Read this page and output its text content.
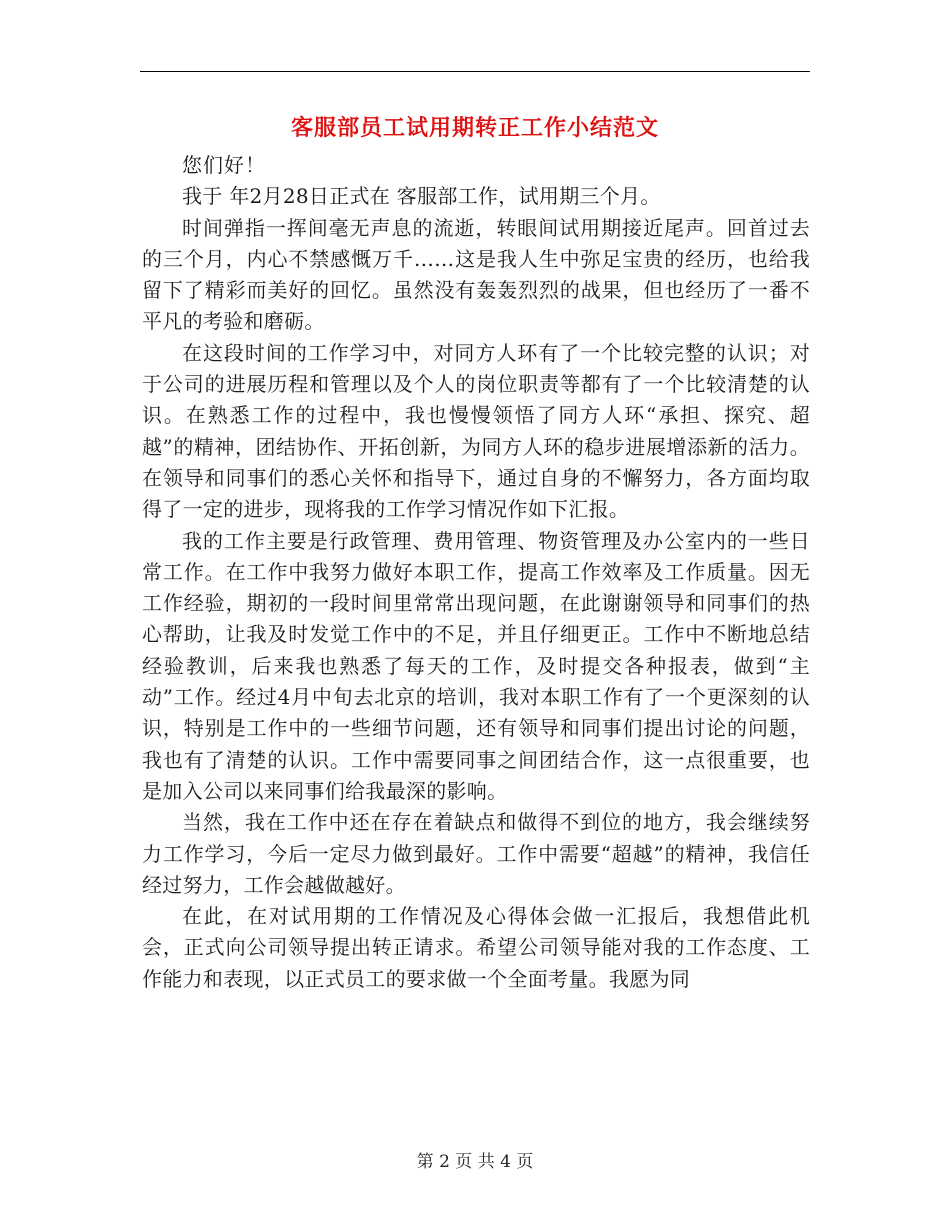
客服部员工试用期转正工作小结范文

您们好！

我于 年2月28日正式在 客服部工作，试用期三个月。

时间弹指一挥间毫无声息的流逝，转眼间试用期接近尾声。回首过去的三个月，内心不禁感慨万千……这是我人生中弥足宝贵的经历，也给我留下了精彩而美好的回忆。虽然没有轰轰烈烈的战果，但也经历了一番不平凡的考验和磨砺。

在这段时间的工作学习中，对同方人环有了一个比较完整的认识；对于公司的进展历程和管理以及个人的岗位职责等都有了一个比较清楚的认识。在熟悉工作的过程中，我也慢慢领悟了同方人环“承担、探究、超越”的精神，团结协作、开拓创新，为同方人环的稳步进展增添新的活力。在领导和同事们的悉心关怀和指导下，通过自身的不懈努力，各方面均取得了一定的进步，现将我的工作学习情况作如下汇报。

我的工作主要是行政管理、费用管理、物资管理及办公室内的一些日常工作。在工作中我努力做好本职工作，提高工作效率及工作质量。因无工作经验，期初的一段时间里常常出现问题，在此谢谢领导和同事们的热心帮助，让我及时发觉工作中的不足，并且仔细更正。工作中不断地总结经验教训，后来我也熟悉了每天的工作，及时提交各种报表，做到“主动”工作。经过4月中旬去北京的培训，我对本职工作有了一个更深刻的认识，特别是工作中的一些细节问题，还有领导和同事们提出讨论的问题，我也有了清楚的认识。工作中需要同事之间团结合作，这一点很重要，也是加入公司以来同事们给我最深的影响。

当然，我在工作中还在存在着缺点和做得不到位的地方，我会继续努力工作学习，今后一定尽力做到最好。工作中需要“超越”的精神，我信任经过努力，工作会越做越好。

在此，在对试用期的工作情况及心得体会做一汇报后，我想借此机会，正式向公司领导提出转正请求。希望公司领导能对我的工作态度、工作能力和表现，以正式员工的要求做一个全面考量。我愿为同

第 2 页 共 4 页
